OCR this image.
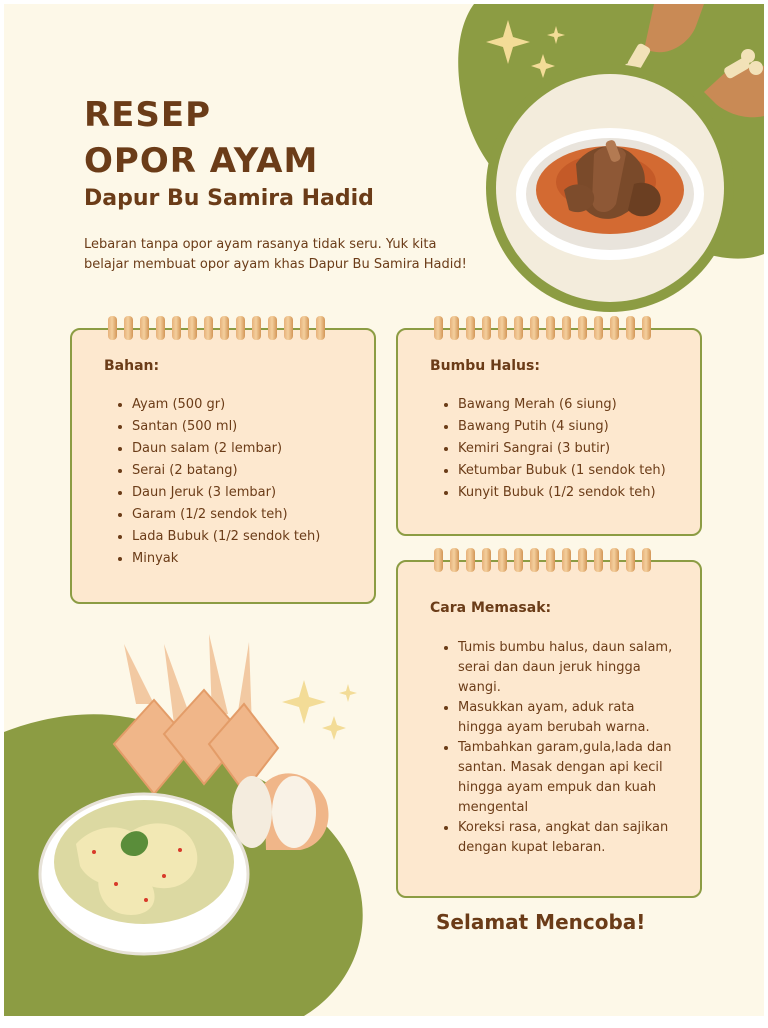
RESEP
OPOR AYAM
Dapur Bu Samira Hadid

Lebaran tanpa opor ayam rasanya tidak seru. Yuk kita belajar membuat opor ayam khas Dapur Bu Samira Hadid!

Bahan:
• Ayam (500 gr)
• Santan (500 ml)
• Daun salam (2 lembar)
• Serai (2 batang)
• Daun Jeruk (3 lembar)
• Garam (1/2 sendok teh)
• Lada Bubuk (1/2 sendok teh)
• Minyak
Bumbu Halus:
• Bawang Merah (6 siung)
• Bawang Putih (4 siung)
• Kemiri Sangrai (3 butir)
• Ketumbar Bubuk (1 sendok teh)
• Kunyit Bubuk (1/2 sendok teh)
Cara Memasak:
• Tumis bumbu halus, daun salam, serai dan daun jeruk hingga wangi.
• Masukkan ayam, aduk rata hingga ayam berubah warna.
• Tambahkan garam,gula,lada dan santan. Masak dengan api kecil hingga ayam empuk dan kuah mengental
• Koreksi rasa, angkat dan sajikan dengan kupat lebaran.
Selamat Mencoba!
